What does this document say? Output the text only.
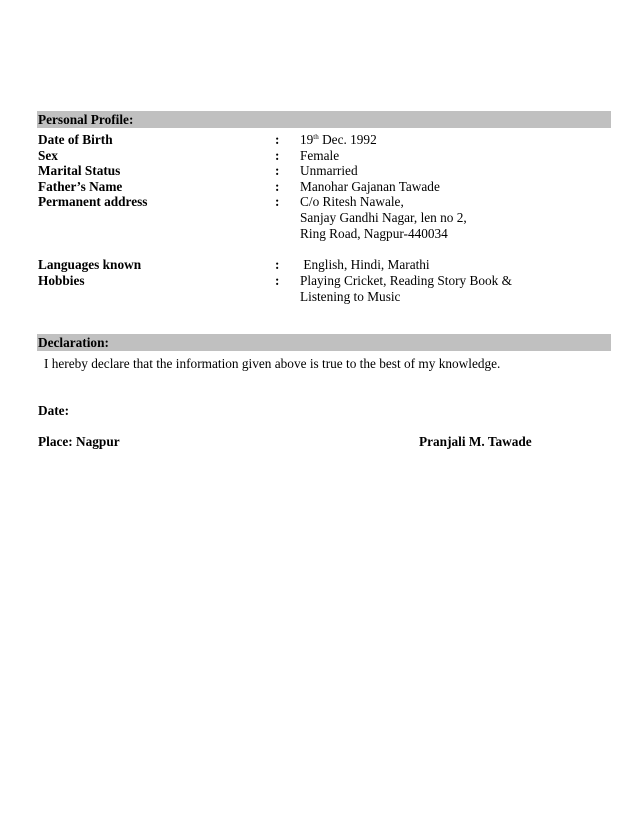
Personal Profile:
Date of Birth	: 19th Dec. 1992
Sex	: Female
Marital Status	: Unmarried
Father’s Name	: Manohar Gajanan Tawade
Permanent address	: C/o Ritesh Nawale,
Sanjay Gandhi Nagar, len no 2,
Ring Road, Nagpur-440034
Languages known	: English, Hindi, Marathi
Hobbies	: Playing Cricket, Reading Story Book &
Listening to Music
Declaration:
I hereby declare that the information given above is true to the best of my knowledge.
Date:
Place: Nagpur	Pranjali M. Tawade
